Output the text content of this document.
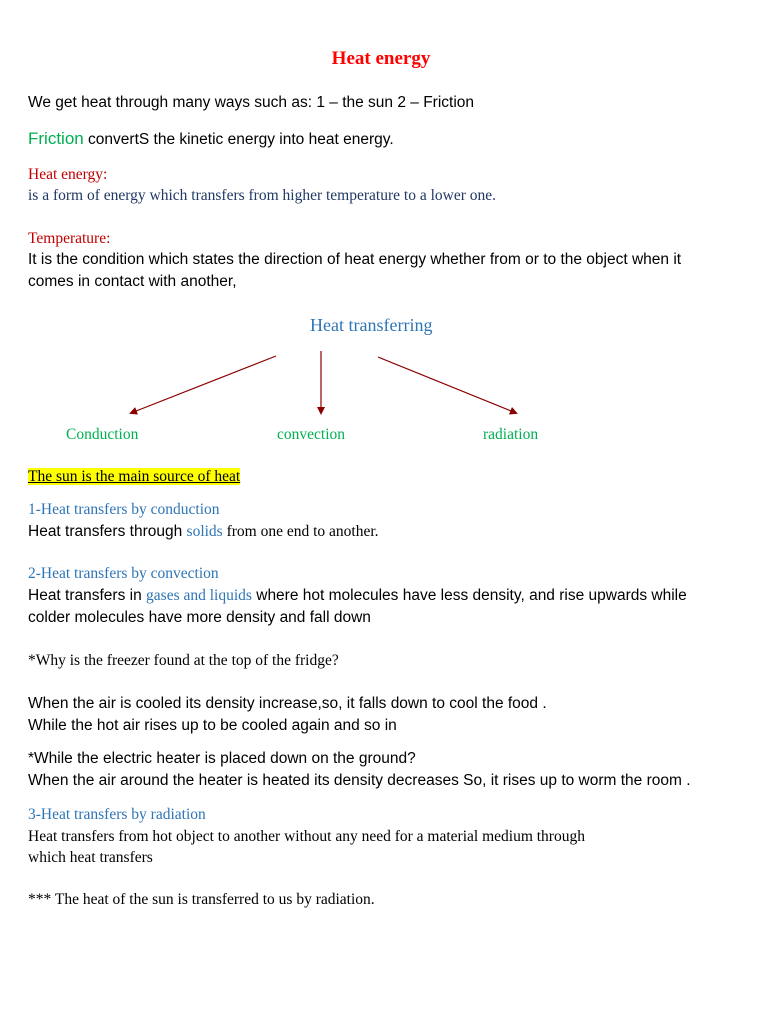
Heat energy
We get heat through many ways such as: 1 – the sun 2 – Friction
Friction convertS the kinetic energy into heat energy.
Heat energy:
is a form of energy which transfers from higher temperature to a lower one.
Temperature:
It is the condition which states the direction of heat energy whether from or to the object when it
comes in contact with another,
Heat transferring
Conduction	convection	radiation
The sun is the main source of heat
1-Heat transfers by conduction
Heat transfers through solids from one end to another.
2-Heat transfers by convection
Heat transfers in gases and liquids where hot molecules have less density, and rise upwards while
colder molecules have more density and fall down
*Why is the freezer found at the top of the fridge?
When the air is cooled its density increase,so, it falls down to cool the food .
While the hot air rises up to be cooled again and so in
*While the electric heater is placed down on the ground?
When the air around the heater is heated its density decreases So, it rises up to worm the room .
3-Heat transfers by radiation
Heat transfers from hot object to another without any need for a material medium through
which heat transfers
*** The heat of the sun is transferred to us by radiation.
